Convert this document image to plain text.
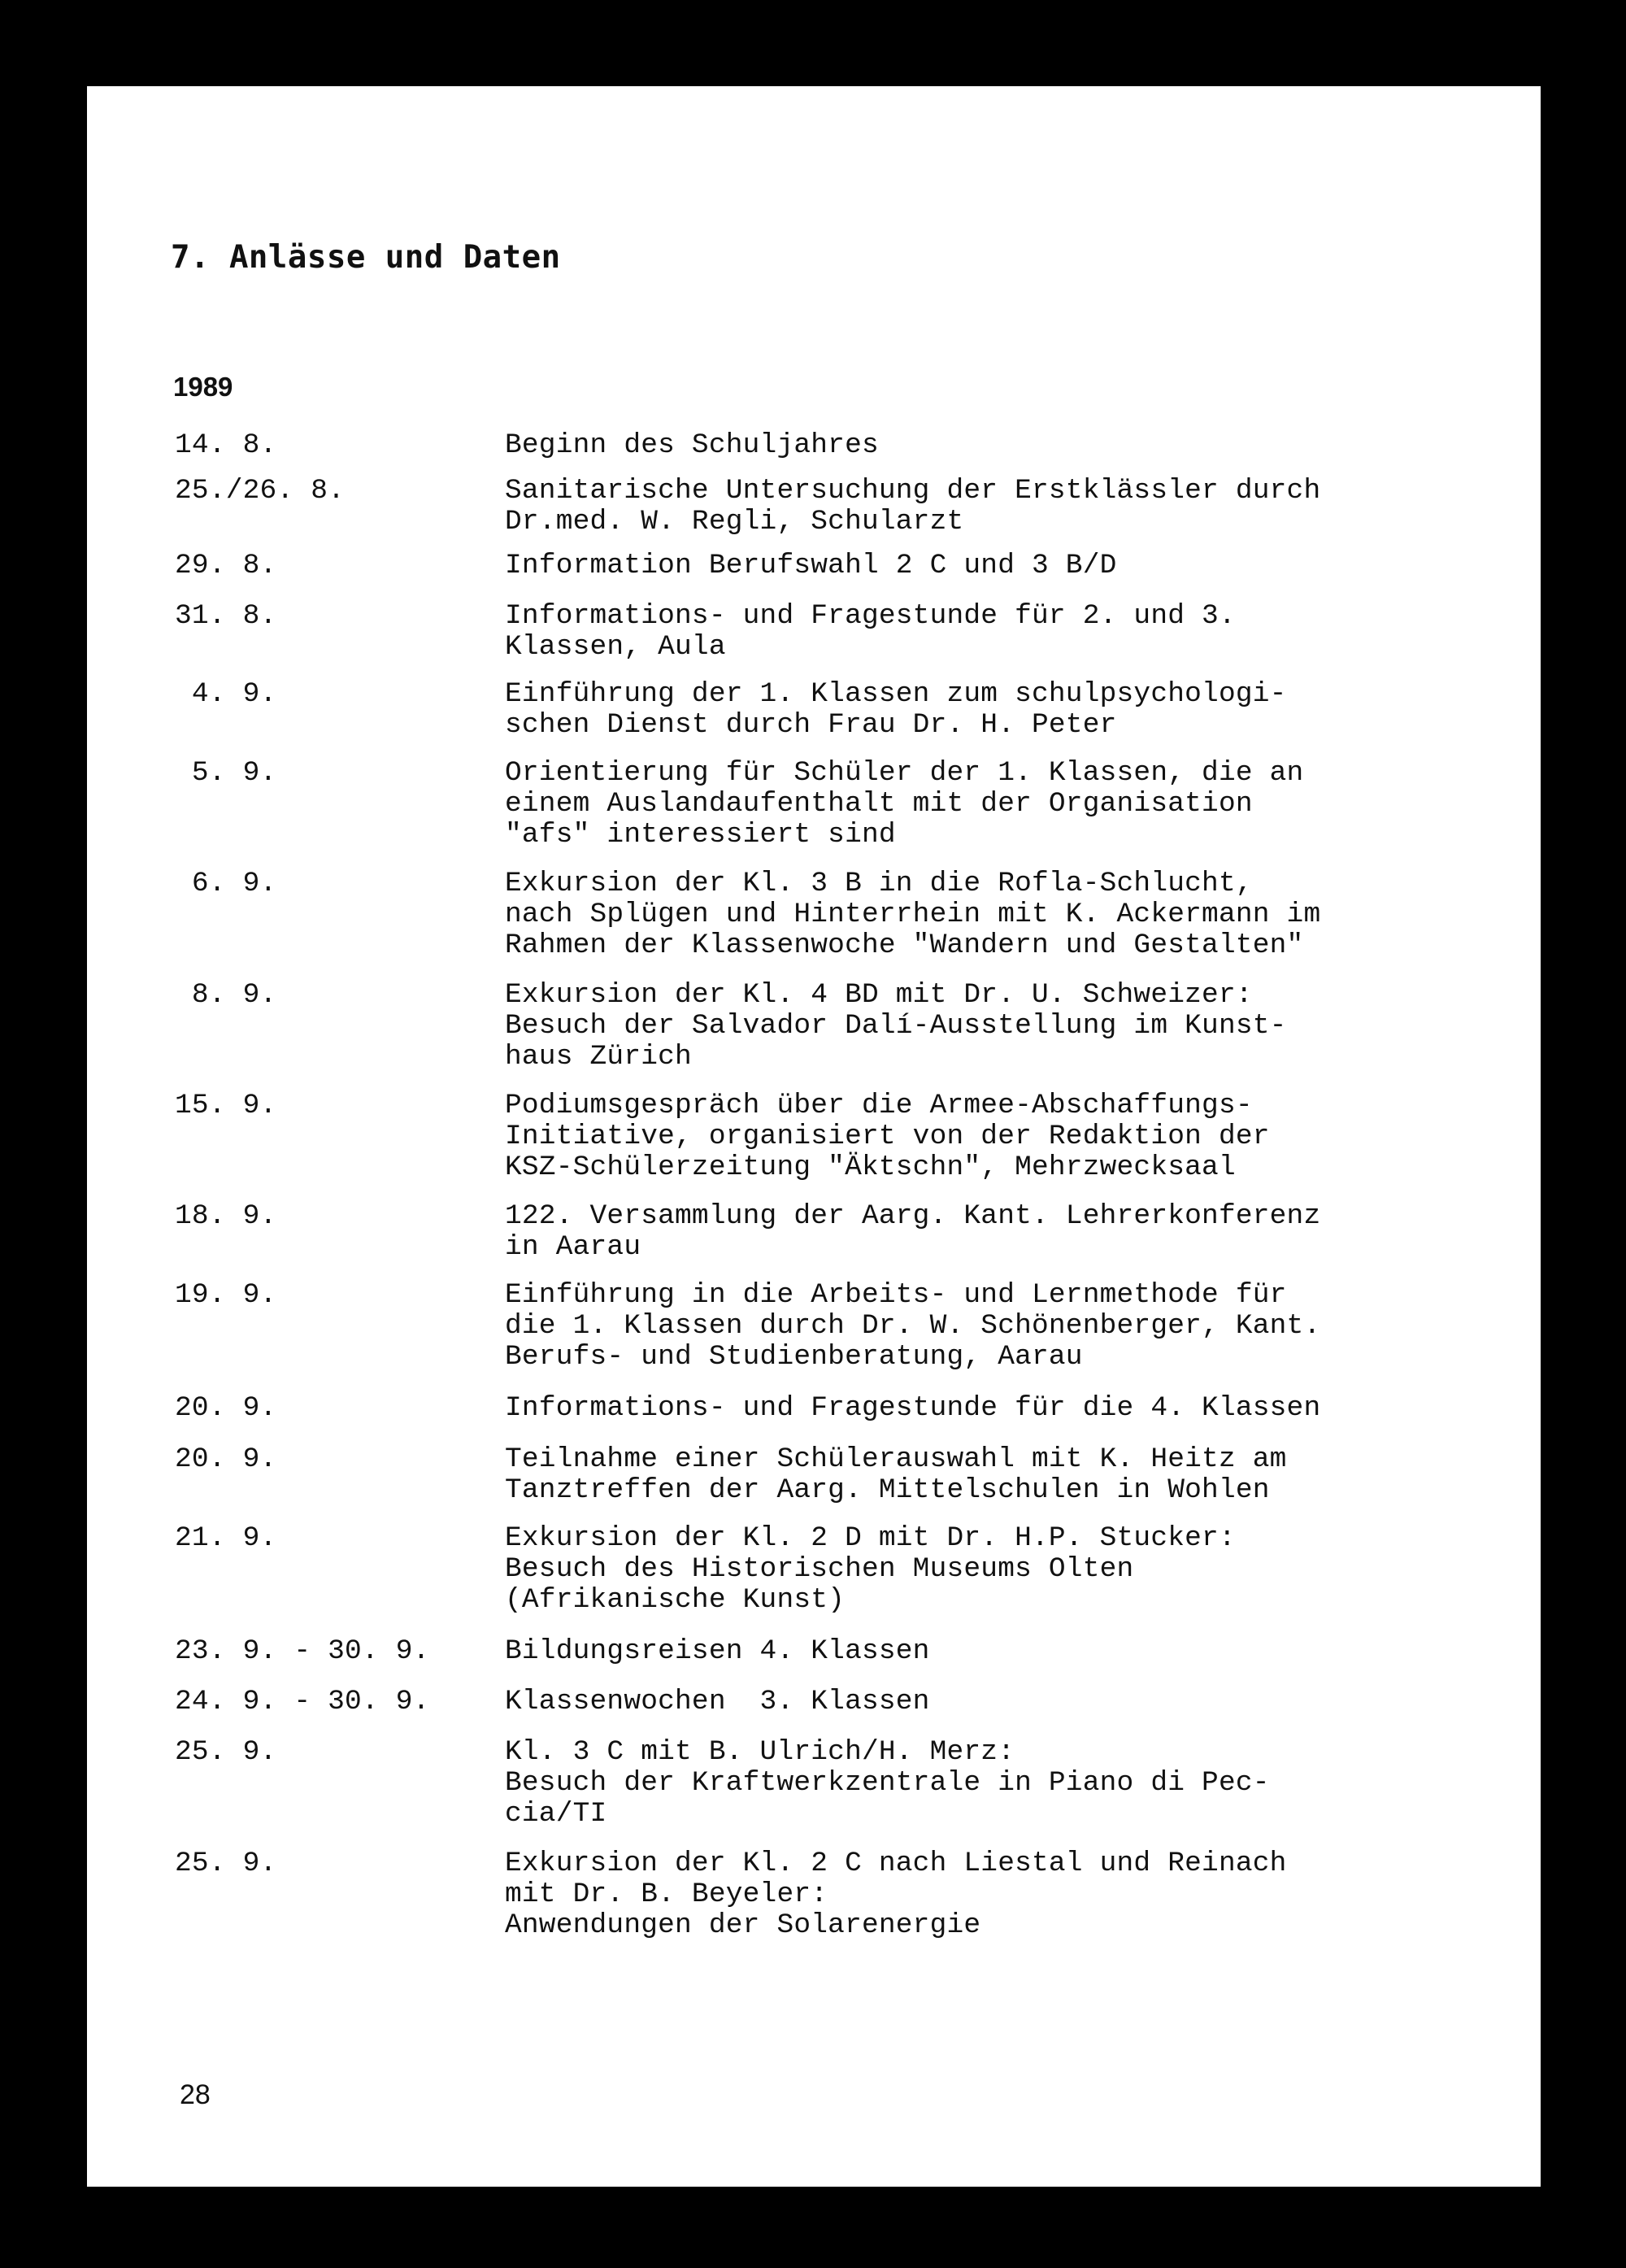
7. Anlässe und Daten
1989
14. 8.	Beginn des Schuljahres
25./26. 8.	Sanitarische Untersuchung der Erstklässler durch
Dr.med. W. Regli, Schularzt
29. 8.	Information Berufswahl 2 C und 3 B/D
31. 8.	Informations- und Fragestunde für 2. und 3.
Klassen, Aula
4. 9.	Einführung der 1. Klassen zum schulpsychologi-
schen Dienst durch Frau Dr. H. Peter
5. 9.	Orientierung für Schüler der 1. Klassen, die an
einem Auslandaufenthalt mit der Organisation
"afs" interessiert sind
6. 9.	Exkursion der Kl. 3 B in die Rofla-Schlucht,
nach Splügen und Hinterrhein mit K. Ackermann im
Rahmen der Klassenwoche "Wandern und Gestalten"
8. 9.	Exkursion der Kl. 4 BD mit Dr. U. Schweizer:
Besuch der Salvador Dalí-Ausstellung im Kunst-
haus Zürich
15. 9.	Podiumsgespräch über die Armee-Abschaffungs-
Initiative, organisiert von der Redaktion der
KSZ-Schülerzeitung "Äktschn", Mehrzwecksaal
18. 9.	122. Versammlung der Aarg. Kant. Lehrerkonferenz
in Aarau
19. 9.	Einführung in die Arbeits- und Lernmethode für
die 1. Klassen durch Dr. W. Schönenberger, Kant.
Berufs- und Studienberatung, Aarau
20. 9.	Informations- und Fragestunde für die 4. Klassen
20. 9.	Teilnahme einer Schülerauswahl mit K. Heitz am
Tanztreffen der Aarg. Mittelschulen in Wohlen
21. 9.	Exkursion der Kl. 2 D mit Dr. H.P. Stucker:
Besuch des Historischen Museums Olten
(Afrikanische Kunst)
23. 9. - 30. 9.	Bildungsreisen 4. Klassen
24. 9. - 30. 9.	Klassenwochen  3. Klassen
25. 9.	Kl. 3 C mit B. Ulrich/H. Merz:
Besuch der Kraftwerkzentrale in Piano di Pec-
cia/TI
25. 9.	Exkursion der Kl. 2 C nach Liestal und Reinach
mit Dr. B. Beyeler:
Anwendungen der Solarenergie
28
